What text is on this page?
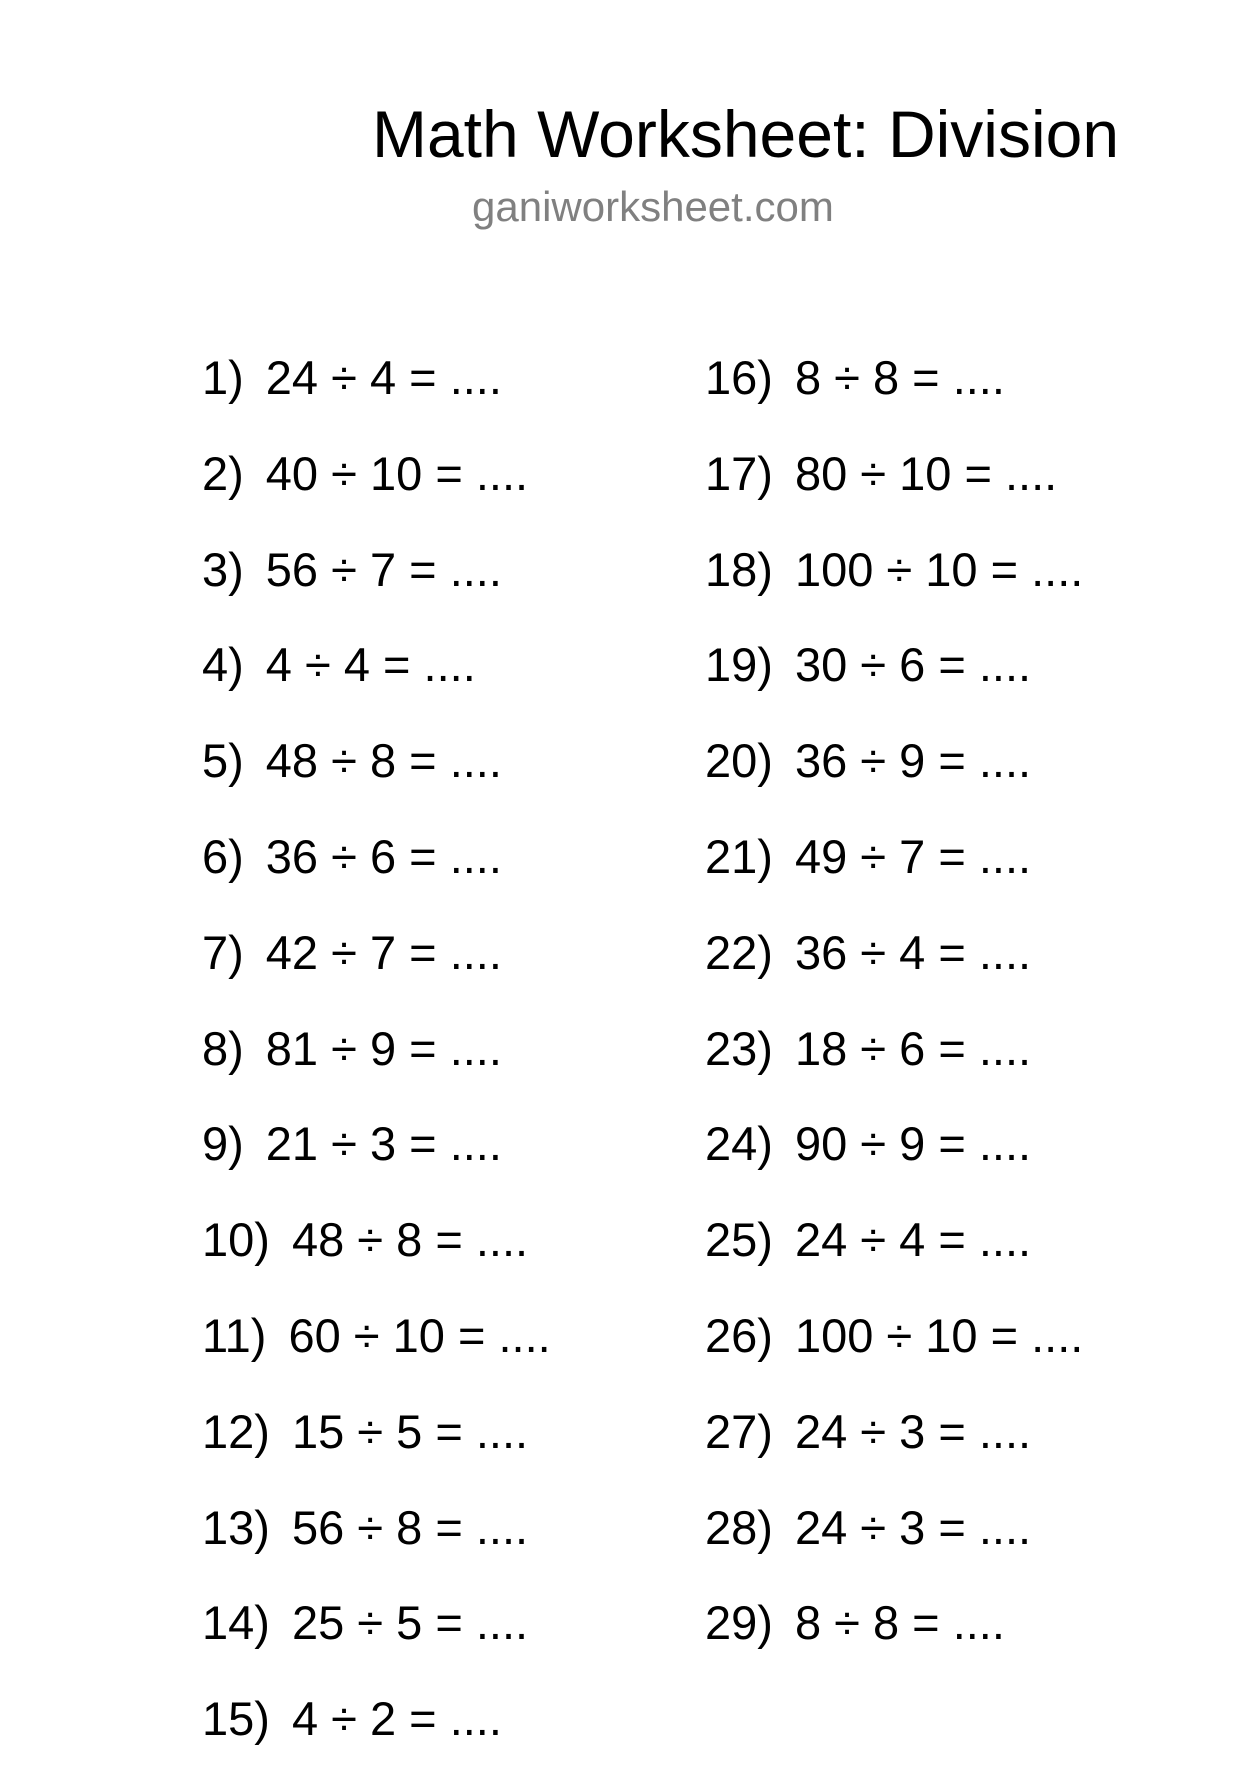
Math Worksheet: Division
ganiworksheet.com
1) 24 ÷ 4 = ....
2) 40 ÷ 10 = ....
3) 56 ÷ 7 = ....
4) 4 ÷ 4 = ....
5) 48 ÷ 8 = ....
6) 36 ÷ 6 = ....
7) 42 ÷ 7 = ....
8) 81 ÷ 9 = ....
9) 21 ÷ 3 = ....
10) 48 ÷ 8 = ....
11) 60 ÷ 10 = ....
12) 15 ÷ 5 = ....
13) 56 ÷ 8 = ....
14) 25 ÷ 5 = ....
15) 4 ÷ 2 = ....
16) 8 ÷ 8 = ....
17) 80 ÷ 10 = ....
18) 100 ÷ 10 = ....
19) 30 ÷ 6 = ....
20) 36 ÷ 9 = ....
21) 49 ÷ 7 = ....
22) 36 ÷ 4 = ....
23) 18 ÷ 6 = ....
24) 90 ÷ 9 = ....
25) 24 ÷ 4 = ....
26) 100 ÷ 10 = ....
27) 24 ÷ 3 = ....
28) 24 ÷ 3 = ....
29) 8 ÷ 8 = ....
